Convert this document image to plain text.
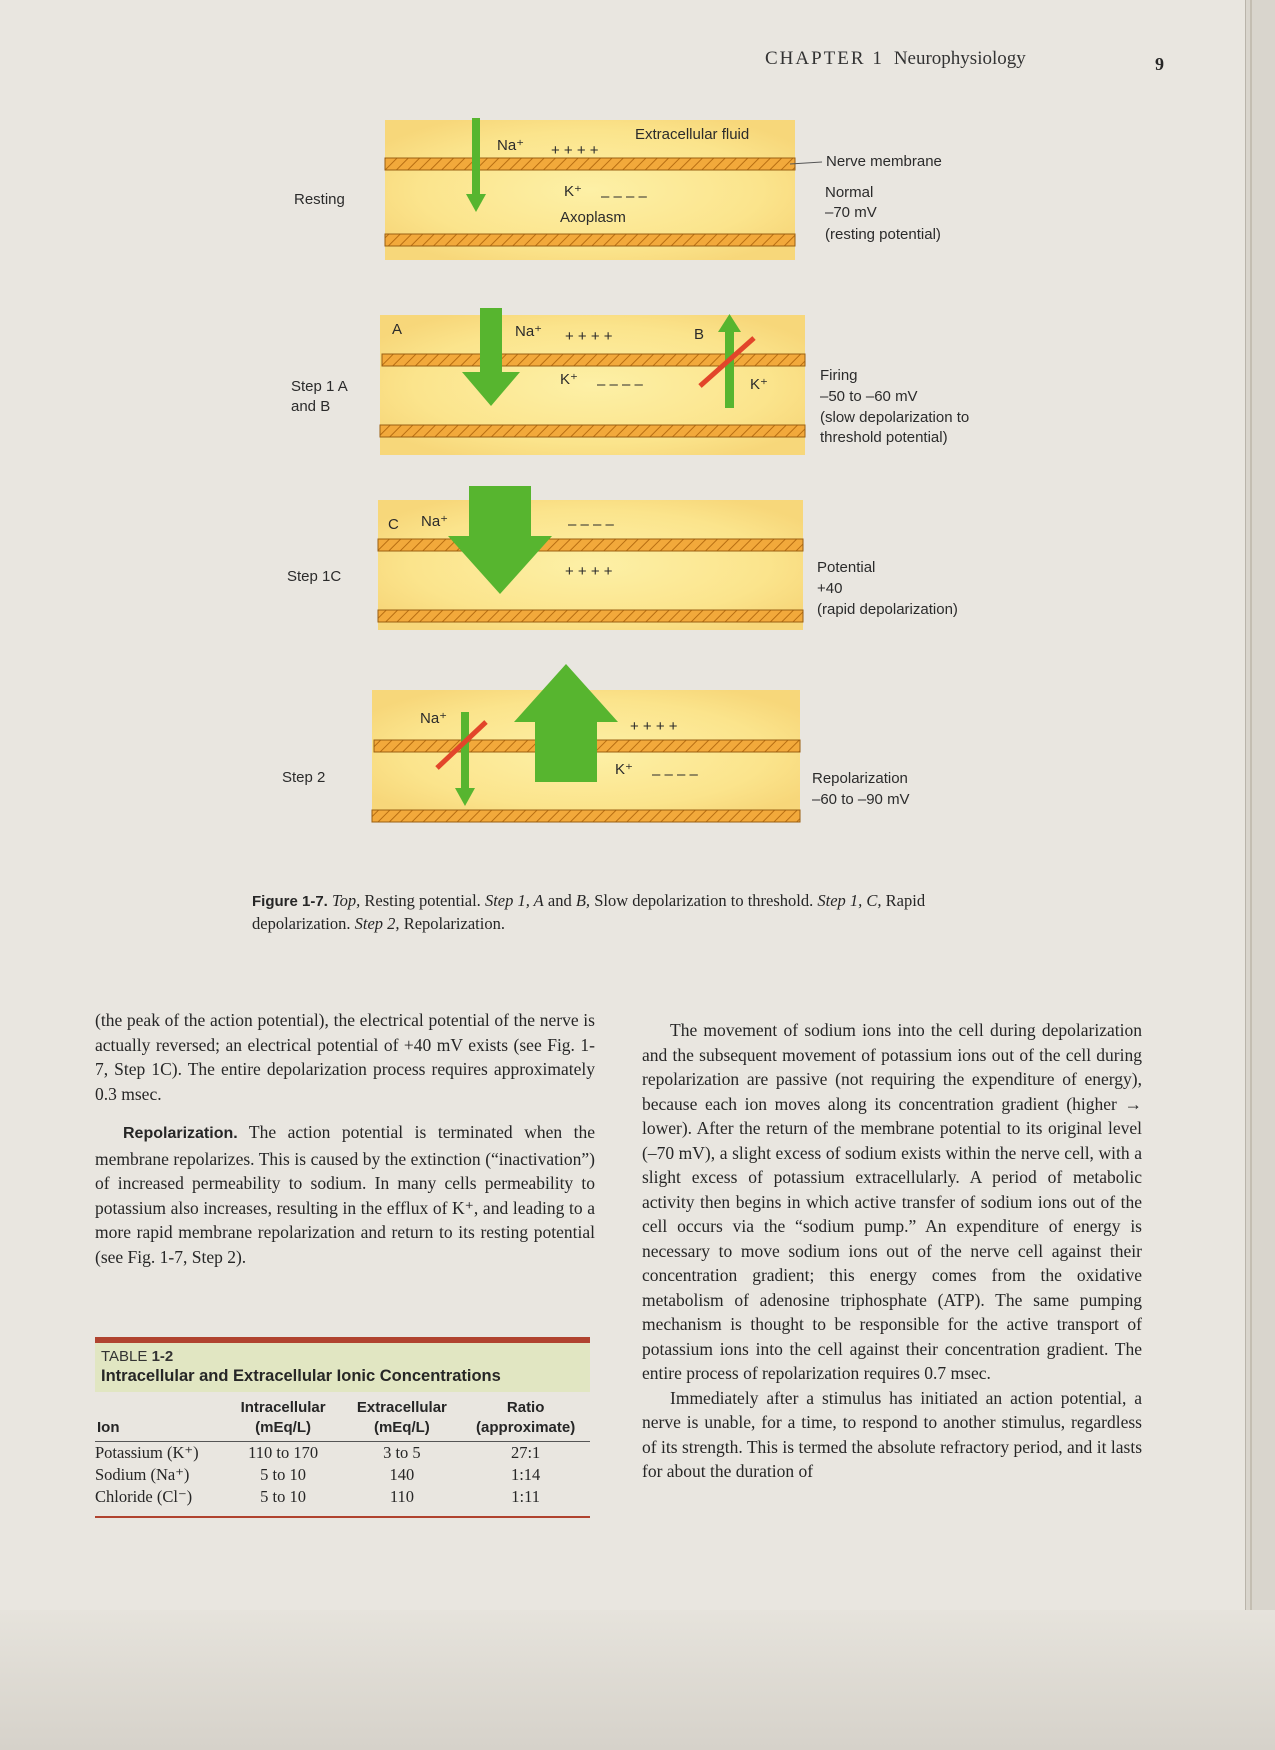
CHAPTER 1 Neurophysiology	9
Resting
Na⁺ + + + +
Extracellular fluid
K⁺ – – – –
Axoplasm
Nerve membrane
Normal
–70 mV
(resting potential)
Step 1 A
and B
A	Na⁺ + + + +	B
K⁺ – – – –	K⁺
Firing
–50 to –60 mV
(slow depolarization to
threshold potential)
Step 1C
C Na⁺	– – – –
+ + + +	Potential
+40
(rapid depolarization)
Step 2
Na⁺	+ + + +
K⁺ – – – –	Repolarization
–60 to –90 mV
Figure 1-7. Top, Resting potential. Step 1, A and B, Slow depolarization to threshold. Step 1, C, Rapid depolarization. Step 2, Repolarization.

(the peak of the action potential), the electrical potential of the nerve is actually reversed; an electrical potential of +40 mV exists (see Fig. 1-7, Step 1C). The entire depolarization process requires approximately 0.3 msec.

Repolarization. The action potential is terminated when the membrane repolarizes. This is caused by the extinction (“inactivation”) of increased permeability to sodium. In many cells permeability to potassium also increases, resulting in the efflux of K⁺, and leading to a more rapid membrane repolarization and return to its resting potential (see Fig. 1-7, Step 2).

TABLE 1-2
Intracellular and Extracellular Ionic Concentrations
Ion	Intracellular (mEq/L)	Extracellular (mEq/L)	Ratio (approximate)
Potassium (K⁺)	110 to 170	3 to 5	27:1
Sodium (Na⁺)	5 to 10	140	1:14
Chloride (Cl⁻)	5 to 10	110	1:11

The movement of sodium ions into the cell during depolarization and the subsequent movement of potassium ions out of the cell during repolarization are passive (not requiring the expenditure of energy), because each ion moves along its concentration gradient (higher → lower). After the return of the membrane potential to its original level (–70 mV), a slight excess of sodium exists within the nerve cell, with a slight excess of potassium extracellularly. A period of metabolic activity then begins in which active transfer of sodium ions out of the cell occurs via the “sodium pump.” An expenditure of energy is necessary to move sodium ions out of the nerve cell against their concentration gradient; this energy comes from the oxidative metabolism of adenosine triphosphate (ATP). The same pumping mechanism is thought to be responsible for the active transport of potassium ions into the cell against their concentration gradient. The entire process of repolarization requires 0.7 msec.

Immediately after a stimulus has initiated an action potential, a nerve is unable, for a time, to respond to another stimulus, regardless of its strength. This is termed the absolute refractory period, and it lasts for about the duration of
